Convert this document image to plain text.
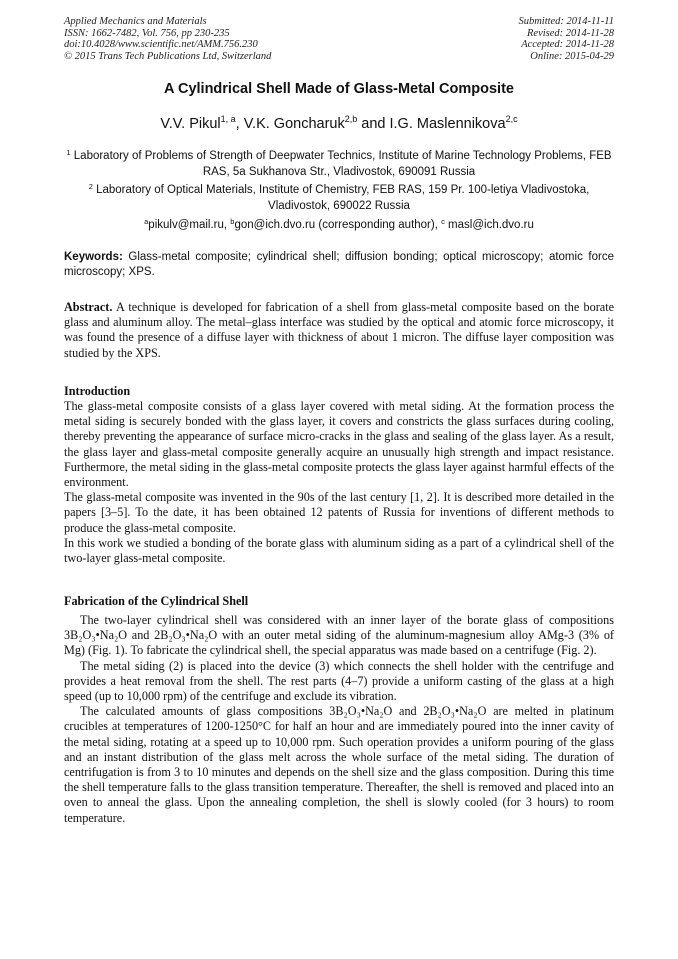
Applied Mechanics and Materials
ISSN: 1662-7482, Vol. 756, pp 230-235
doi:10.4028/www.scientific.net/AMM.756.230
© 2015 Trans Tech Publications Ltd, Switzerland
Submitted: 2014-11-11
Revised: 2014-11-28
Accepted: 2014-11-28
Online: 2015-04-29
A Cylindrical Shell Made of Glass-Metal Composite
V.V. Pikul$^{1, a}$, V.K. Goncharuk$^{2,b}$ and I.G. Maslennikova$^{2,c}$
$^1$ Laboratory of Problems of Strength of Deepwater Technics, Institute of Marine Technology Problems, FEB RAS, 5a Sukhanova Str., Vladivostok, 690091 Russia
$^2$ Laboratory of Optical Materials, Institute of Chemistry, FEB RAS, 159 Pr. 100-letiya Vladivostoka, Vladivostok, 690022 Russia
$^a$pikulv@mail.ru, $^b$gon@ich.dvo.ru (corresponding author), $^c$ masl@ich.dvo.ru
Keywords: Glass-metal composite; cylindrical shell; diffusion bonding; optical microscopy; atomic force microscopy; XPS.

Abstract. A technique is developed for fabrication of a shell from glass-metal composite based on the borate glass and aluminum alloy. The metal–glass interface was studied by the optical and atomic force microscopy, it was found the presence of a diffuse layer with thickness of about 1 micron. The diffuse layer composition was studied by the XPS.

Introduction

The glass-metal composite consists of a glass layer covered with metal siding. At the formation process the metal siding is securely bonded with the glass layer, it covers and constricts the glass surfaces during cooling, thereby preventing the appearance of surface micro-cracks in the glass and sealing of the glass layer. As a result, the glass layer and glass-metal composite generally acquire an unusually high strength and impact resistance. Furthermore, the metal siding in the glass-metal composite protects the glass layer against harmful effects of the environment.

The glass-metal composite was invented in the 90s of the last century [1, 2]. It is described more detailed in the papers [3–5]. To the date, it has been obtained 12 patents of Russia for inventions of different methods to produce the glass-metal composite.

In this work we studied a bonding of the borate glass with aluminum siding as a part of a cylindrical shell of the two-layer glass-metal composite.

Fabrication of the Cylindrical Shell

The two-layer cylindrical shell was considered with an inner layer of the borate glass of compositions 3B₂O₃•Na₂O and 2B₂O₃•Na₂O with an outer metal siding of the aluminum-magnesium alloy AMg-3 (3% of Mg) (Fig. 1). To fabricate the cylindrical shell, the special apparatus was made based on a centrifuge (Fig. 2).

The metal siding (2) is placed into the device (3) which connects the shell holder with the centrifuge and provides a heat removal from the shell. The rest parts (4–7) provide a uniform casting of the glass at a high speed (up to 10,000 rpm) of the centrifuge and exclude its vibration.

The calculated amounts of glass compositions 3B₂O₃•Na₂O and 2B₂O₃•Na₂O are melted in platinum crucibles at temperatures of 1200-1250°C for half an hour and are immediately poured into the inner cavity of the metal siding, rotating at a speed up to 10,000 rpm. Such operation provides a uniform pouring of the glass and an instant distribution of the glass melt across the whole surface of the metal siding. The duration of centrifugation is from 3 to 10 minutes and depends on the shell size and the glass composition. During this time the shell temperature falls to the glass transition temperature. Thereafter, the shell is removed and placed into an oven to anneal the glass. Upon the annealing completion, the shell is slowly cooled (for 3 hours) to room temperature.
